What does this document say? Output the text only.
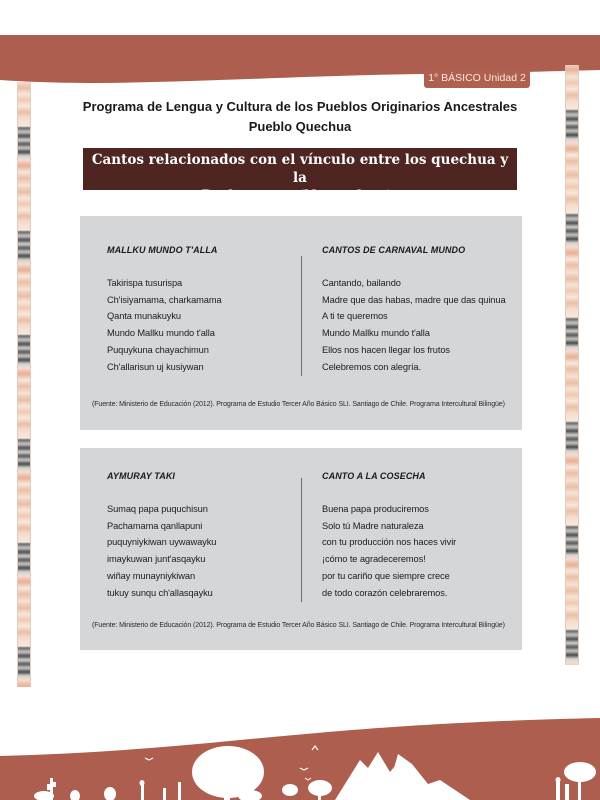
1° BÁSICO Unidad 2
Programa de Lengua y Cultura de los Pueblos Originarios Ancestrales
Pueblo Quechua
Cantos relacionados con el vínculo entre los quechua y la
Pachamama (Naturaleza):
MALLKU MUNDO T'ALLA
Takirispa tusurispa
Ch'isiyamama, charkamama
Qanta munakuyku
Mundo Mallku mundo t'alla
Puquykuna chayachimun
Ch'allarisun uj kusiywan
CANTOS DE CARNAVAL MUNDO
Cantando, bailando
Madre que das habas, madre que das quinua
A ti te queremos
Mundo Mallku mundo t'alla
Ellos nos hacen llegar los frutos
Celebremos con alegría.
(Fuente: Ministerio de Educación (2012). Programa de Estudio Tercer Año Básico SLI. Santiago de Chile. Programa Intercultural Bilingüe)
AYMURAY TAKI
Sumaq papa puquchisun
Pachamama qanllapuni
puquyniykiwan uywawayku
imaykuwan junt'asqayku
wiñay munayniykiwan
tukuy sunqu ch'allasqayku
CANTO A LA COSECHA
Buena papa produciremos
Solo tú Madre naturaleza
con tu producción nos haces vivir
¡cómo te agradeceremos!
por tu cariño que siempre crece
de todo corazón celebraremos.
(Fuente: Ministerio de Educación (2012). Programa de Estudio Tercer Año Básico SLI. Santiago de Chile. Programa Intercultural Bilingüe)
